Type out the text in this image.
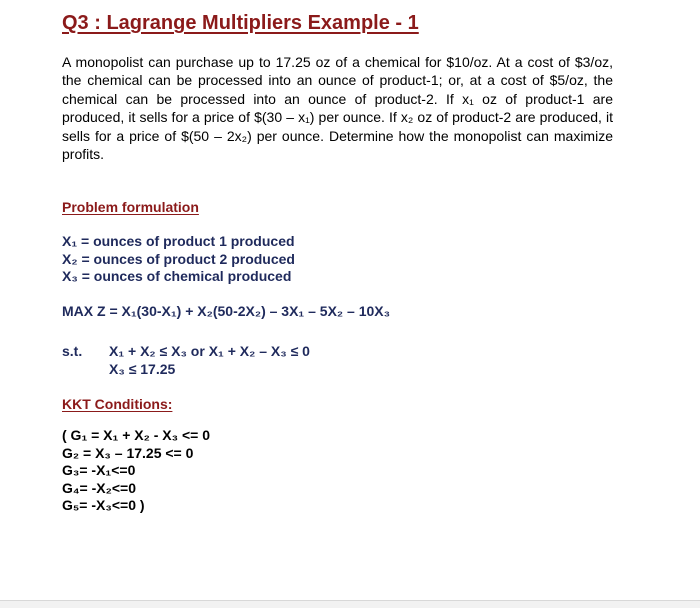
Q3 : Lagrange Multipliers Example - 1
A monopolist can purchase up to 17.25 oz of a chemical for $10/oz. At a cost of $3/oz, the chemical can be processed into an ounce of product-1; or, at a cost of $5/oz, the chemical can be processed into an ounce of product-2. If x₁ oz of product-1 are produced, it sells for a price of $(30 – x₁) per ounce. If x₂ oz of product-2 are produced, it sells for a price of $(50 – 2x₂) per ounce. Determine how the monopolist can maximize profits.
Problem formulation
X₁ = ounces of product 1 produced
X₂ = ounces of product 2 produced
X₃ = ounces of chemical produced
MAX Z = X₁(30-X₁) + X₂(50-2X₂) – 3X₁ – 5X₂ – 10X₃
s.t. X₁ + X₂ ≤ X₃ or X₁ + X₂ – X₃ ≤ 0
X₃ ≤ 17.25
KKT Conditions:
( G₁ = X₁ + X₂ - X₃ <= 0
G₂ = X₃ – 17.25 <= 0
G₃= -X₁<=0
G₄= -X₂<=0
G₅= -X₃<=0 )
